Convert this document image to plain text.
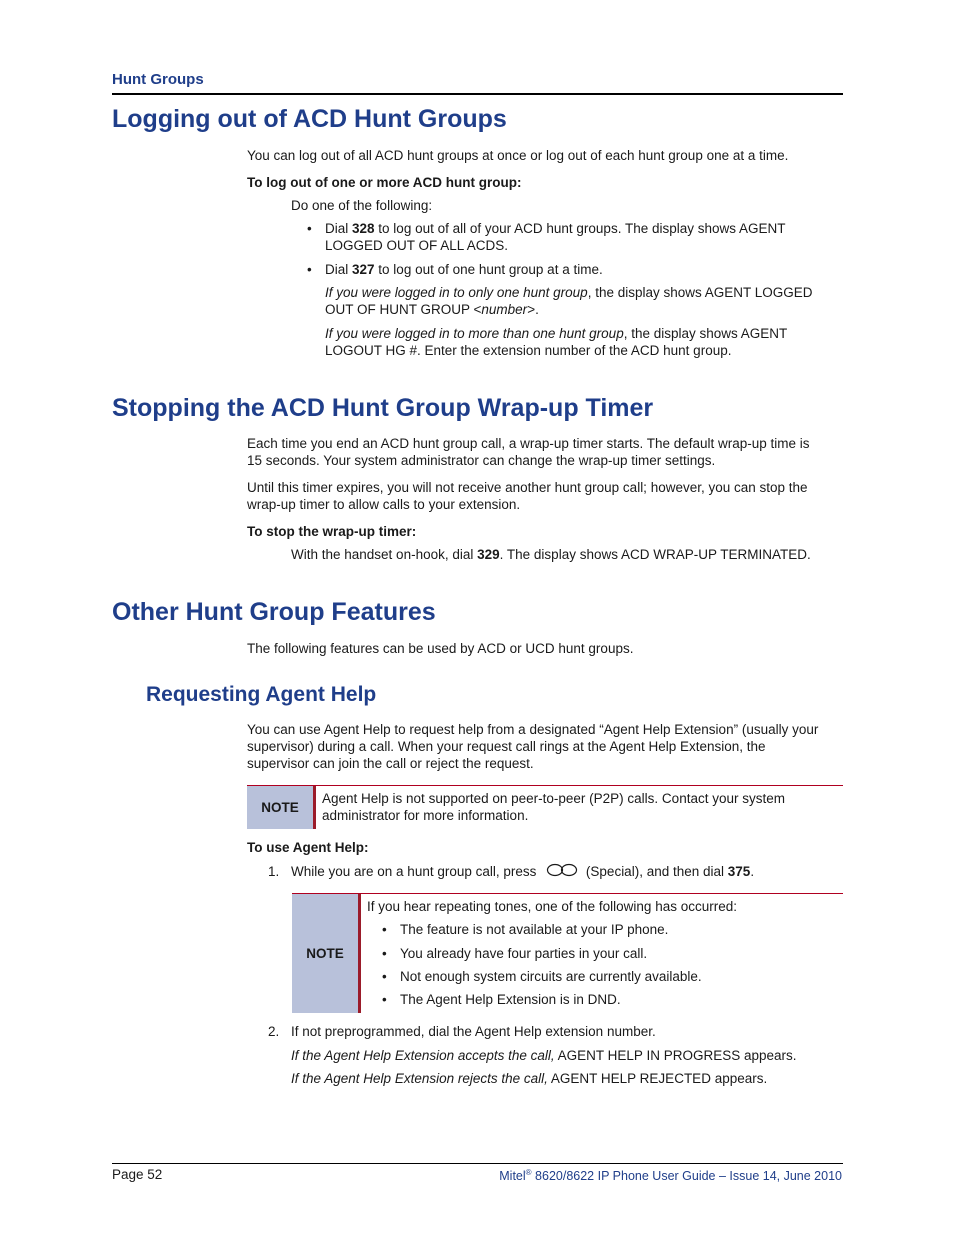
Hunt Groups
Logging out of ACD Hunt Groups
You can log out of all ACD hunt groups at once or log out of each hunt group one at a time.
To log out of one or more ACD hunt group:
Do one of the following:
• Dial 328 to log out of all of your ACD hunt groups. The display shows AGENT
LOGGED OUT OF ALL ACDS.
• Dial 327 to log out of one hunt group at a time.
If you were logged in to only one hunt group, the display shows AGENT LOGGED
OUT OF HUNT GROUP <number>.
If you were logged in to more than one hunt group, the display shows AGENT
LOGOUT HG #. Enter the extension number of the ACD hunt group.
Stopping the ACD Hunt Group Wrap-up Timer
Each time you end an ACD hunt group call, a wrap-up timer starts. The default wrap-up time is
15 seconds. Your system administrator can change the wrap-up timer settings.
Until this timer expires, you will not receive another hunt group call; however, you can stop the
wrap-up timer to allow calls to your extension.
To stop the wrap-up timer:
With the handset on-hook, dial 329. The display shows ACD WRAP-UP TERMINATED.
Other Hunt Group Features
The following features can be used by ACD or UCD hunt groups.
Requesting Agent Help
You can use Agent Help to request help from a designated “Agent Help Extension” (usually your
supervisor) during a call. When your request call rings at the Agent Help Extension, the
supervisor can join the call or reject the request.
NOTE
Agent Help is not supported on peer-to-peer (P2P) calls. Contact your system
administrator for more information.
To use Agent Help:
1. While you are on a hunt group call, press	(Special), and then dial 375.
NOTE
If you hear repeating tones, one of the following has occurred:
• The feature is not available at your IP phone.
• You already have four parties in your call.
• Not enough system circuits are currently available.
• The Agent Help Extension is in DND.
2. If not preprogrammed, dial the Agent Help extension number.
If the Agent Help Extension accepts the call, AGENT HELP IN PROGRESS appears.
If the Agent Help Extension rejects the call, AGENT HELP REJECTED appears.
Page 52	Mitel® 8620/8622 IP Phone User Guide – Issue 14, June 2010
